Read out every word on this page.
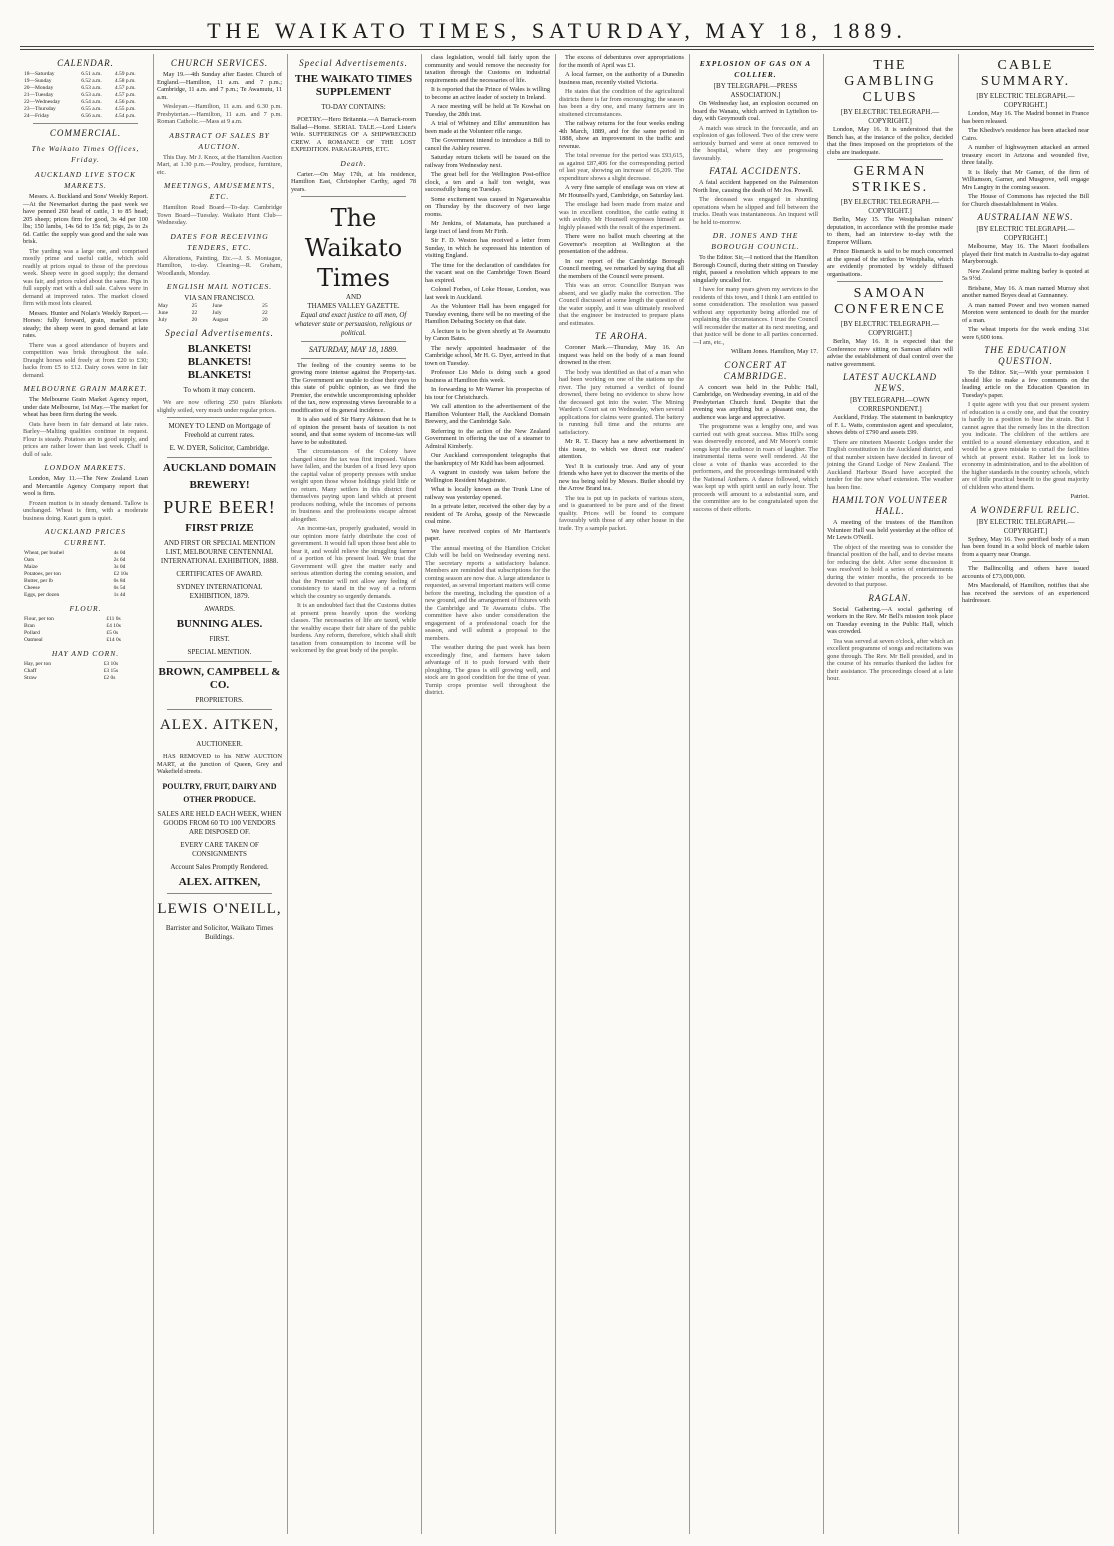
THE WAIKATO TIMES, SATURDAY, MAY 18, 1889.
CALENDAR.
18—Saturday	6.51 a.m.	4.59 p.m.
19—Sunday	6.52 a.m.	4.58 p.m.
20—Monday	6.53 a.m.	4.57 p.m.
21—Tuesday	6.53 a.m.	4.57 p.m.
22—Wednesday	6.54 a.m.	4.56 p.m.
23—Thursday	6.55 a.m.	4.55 p.m.
24—Friday	6.56 a.m.	4.54 p.m.
COMMERCIAL.
The Waikato Times Offices, Friday.
AUCKLAND LIVE STOCK MARKETS.

Messrs. A. Buckland and Sons' Weekly Report.—At the Newmarket during the past week we have penned 260 head of cattle, 1 to 85 head; 205 sheep; prices firm for good, 3s 4d per 100 lbs; 150 lambs, 14s 6d to 15s 6d; pigs, 2s to 2s 6d. Cattle: the supply was good and the sale was brisk.

The yarding was a large one, and comprised mostly prime and useful cattle, which sold readily at prices equal to those of the previous week. Sheep were in good supply; the demand was fair, and prices ruled about the same. Pigs in full supply met with a dull sale. Calves were in demand at improved rates. The market closed firm with most lots cleared.

Messrs. Hunter and Nolan's Weekly Report.—Horses: fully forward, grain, market prices steady; the sheep were in good demand at late rates.

There was a good attendance of buyers and competition was brisk throughout the sale. Draught horses sold freely at from £20 to £30; hacks from £5 to £12. Dairy cows were in fair demand.

MELBOURNE GRAIN MARKET.

The Melbourne Grain Market Agency report, under date Melbourne, 1st May.—The market for wheat has been firm during the week.

Oats have been in fair demand at late rates. Barley—Malting qualities continue in request. Flour is steady. Potatoes are in good supply, and prices are rather lower than last week. Chaff is dull of sale.

LONDON MARKETS.

London, May 11.—The New Zealand Loan and Mercantile Agency Company report that wool is firm.

Frozen mutton is in steady demand. Tallow is unchanged. Wheat is firm, with a moderate business doing. Kauri gum is quiet.

AUCKLAND PRICES CURRENT.
Wheat, per bushel	4s 0d
Oats	2s 6d
Maize	3s 0d
Potatoes, per ton	£2 10s
Butter, per lb	0s 8d
Cheese	0s 5d
Eggs, per dozen	1s 4d
FLOUR.
Flour, per ton	£11 0s
Bran	£4 10s
Pollard	£5 0s
Oatmeal	£14 0s
HAY AND CORN.
Hay, per ton	£3 10s
Chaff	£3 15s
Straw	£2 0s
CHURCH SERVICES.

May 19.—4th Sunday after Easter. Church of England.—Hamilton, 11 a.m. and 7 p.m.; Cambridge, 11 a.m. and 7 p.m.; Te Awamutu, 11 a.m.

Wesleyan.—Hamilton, 11 a.m. and 6.30 p.m. Presbyterian.—Hamilton, 11 a.m. and 7 p.m. Roman Catholic.—Mass at 9 a.m.

ABSTRACT OF SALES BY AUCTION.

This Day. Mr J. Knox, at the Hamilton Auction Mart, at 1.30 p.m.—Poultry, produce, furniture, etc.

MEETINGS, AMUSEMENTS, ETC.

Hamilton Road Board—To-day. Cambridge Town Board—Tuesday. Waikato Hunt Club—Wednesday.

DATES FOR RECEIVING TENDERS, ETC.

Alterations, Painting, Etc.—J. S. Montague, Hamilton, to-day. Cleaning—R. Graham, Woodlands, Monday.

ENGLISH MAIL NOTICES.
VIA SAN FRANCISCO.
May	25	June	25
June	22	July	22
July	20	August	20
Special Advertisements.
BLANKETS! BLANKETS! BLANKETS!
To whom it may concern.

We are now offering 250 pairs Blankets slightly soiled, very much under regular prices.

MONEY TO LEND on Mortgage of Freehold at current rates.
E. W. DYER, Solicitor, Cambridge.
AUCKLAND DOMAIN
BREWERY!
PURE BEER!
FIRST PRIZE
AND FIRST OR SPECIAL MENTION LIST, MELBOURNE CENTENNIAL INTERNATIONAL EXHIBITION, 1888.
CERTIFICATES OF AWARD.
SYDNEY INTERNATIONAL EXHIBITION, 1879.
AWARDS.
BUNNING ALES.
FIRST.
SPECIAL MENTION.
BROWN, CAMPBELL & CO.
PROPRIETORS.
ALEX. AITKEN,
AUCTIONEER.

HAS REMOVED to his NEW AUCTION MART, at the junction of Queen, Grey and Wakefield streets.

POULTRY, FRUIT, DAIRY AND OTHER PRODUCE.
SALES ARE HELD EACH WEEK, WHEN GOODS FROM 60 TO 100 VENDORS ARE DISPOSED OF.
EVERY CARE TAKEN OF CONSIGNMENTS
Account Sales Promptly Rendered.
ALEX. AITKEN,
LEWIS O'NEILL,
Barrister and Solicitor, Waikato Times Buildings.
Special Advertisements.
THE WAIKATO TIMES SUPPLEMENT
TO-DAY CONTAINS:

POETRY.—Hero Britannia.—A Barrack-room Ballad—Home. SERIAL TALE.—Lord Lister's Wife. SUFFERINGS OF A SHIPWRECKED CREW. A ROMANCE OF THE LOST EXPEDITION. PARAGRAPHS, ETC.

Death.

Carter.—On May 17th, at his residence, Hamilton East, Christopher Carthy, aged 78 years.

The Waikato Times
AND
THAMES VALLEY GAZETTE.
Equal and exact justice to all men, Of whatever state or persuasion, religious or political.
SATURDAY, MAY 18, 1889.

The feeling of the country seems to be growing more intense against the Property-tax. The Government are unable to close their eyes to this state of public opinion, as we find the Premier, the erstwhile uncompromising upholder of the tax, now expressing views favourable to a modification of its general incidence.

It is also said of Sir Harry Atkinson that he is of opinion the present basis of taxation is not sound, and that some system of income-tax will have to be substituted.

The circumstances of the Colony have changed since the tax was first imposed. Values have fallen, and the burden of a fixed levy upon the capital value of property presses with undue weight upon those whose holdings yield little or no return. Many settlers in this district find themselves paying upon land which at present produces nothing, while the incomes of persons in business and the professions escape almost altogether.

An income-tax, properly graduated, would in our opinion more fairly distribute the cost of government. It would fall upon those best able to bear it, and would relieve the struggling farmer of a portion of his present load. We trust the Government will give the matter early and serious attention during the coming session, and that the Premier will not allow any feeling of consistency to stand in the way of a reform which the country so urgently demands.

It is an undoubted fact that the Customs duties at present press heavily upon the working classes. The necessaries of life are taxed, while the wealthy escape their fair share of the public burdens. Any reform, therefore, which shall shift taxation from consumption to income will be welcomed by the great body of the people.

class legislation, would fall fairly upon the community and would remove the necessity for taxation through the Customs on industrial requirements and the necessaries of life.

It is reported that the Prince of Wales is willing to become an active leader of society in Ireland.

A race meeting will be held at Te Kowhai on Tuesday, the 28th inst.

A trial of Whitney and Ellis' ammunition has been made at the Volunteer rifle range.

The Government intend to introduce a Bill to cancel the Ashley reserve.

Saturday return tickets will be issued on the railway from Wednesday next.

The great bell for the Wellington Post-office clock, a ten and a half ton weight, was successfully hung on Tuesday.

Some excitement was caused in Ngaruawahia on Thursday by the discovery of two large rooms.

Mr Jenkins, of Matamata, has purchased a large tract of land from Mr Firth.

Sir F. D. Weston has received a letter from Sunday, in which he expressed his intention of visiting England.

The time for the declaration of candidates for the vacant seat on the Cambridge Town Board has expired.

Colonel Forbes, of Loke House, London, was last week in Auckland.

As the Volunteer Hall has been engaged for Tuesday evening, there will be no meeting of the Hamilton Debating Society on that date.

A lecture is to be given shortly at Te Awamutu by Canon Bates.

The newly appointed headmaster of the Cambridge school, Mr H. G. Dyer, arrived in that town on Tuesday.

Professor Lio Melo is doing such a good business at Hamilton this week.

In forwarding to Mr Warner his prospectus of his tour for Christchurch.

We call attention to the advertisement of the Hamilton Volunteer Hall, the Auckland Domain Brewery, and the Cambridge Sale.

Referring to the action of the New Zealand Government in offering the use of a steamer to Admiral Kimberly.

Our Auckland correspondent telegraphs that the bankruptcy of Mr Kidd has been adjourned.

A vagrant in custody was taken before the Wellington Resident Magistrate.

What is locally known as the Trunk Line of railway was yesterday opened.

In a private letter, received the other day by a resident of Te Aroha, gossip of the Newcastle coal mine.

We have received copies of Mr Harrison's paper.

The annual meeting of the Hamilton Cricket Club will be held on Wednesday evening next. The secretary reports a satisfactory balance. Members are reminded that subscriptions for the coming season are now due. A large attendance is requested, as several important matters will come before the meeting, including the question of a new ground, and the arrangement of fixtures with the Cambridge and Te Awamutu clubs. The committee have also under consideration the engagement of a professional coach for the season, and will submit a proposal to the members.

The weather during the past week has been exceedingly fine, and farmers have taken advantage of it to push forward with their ploughing. The grass is still growing well, and stock are in good condition for the time of year. Turnip crops promise well throughout the district.

The excess of debentures over appropriations for the month of April was £1.

A local farmer, on the authority of a Dunedin business man, recently visited Victoria.

He states that the condition of the agricultural districts there is far from encouraging; the season has been a dry one, and many farmers are in straitened circumstances.

The railway returns for the four weeks ending 4th March, 1889, and for the same period in 1888, show an improvement in the traffic and revenue.

The total revenue for the period was £93,615, as against £87,406 for the corresponding period of last year, showing an increase of £6,209. The expenditure shows a slight decrease.

A very fine sample of ensilage was on view at Mr Hounsell's yard, Cambridge, on Saturday last.

The ensilage had been made from maize and was in excellent condition, the cattle eating it with avidity. Mr Hounsell expresses himself as highly pleased with the result of the experiment.

There were no ballot much cheering at the Governor's reception at Wellington at the presentation of the address.

In our report of the Cambridge Borough Council meeting, we remarked by saying that all the members of the Council were present.

This was an error. Councillor Bunyan was absent, and we gladly make the correction. The Council discussed at some length the question of the water supply, and it was ultimately resolved that the engineer be instructed to prepare plans and estimates.

TE AROHA.

Coroner Mark.—Thursday, May 16. An inquest was held on the body of a man found drowned in the river.

The body was identified as that of a man who had been working on one of the stations up the river. The jury returned a verdict of found drowned, there being no evidence to show how the deceased got into the water. The Mining Warden's Court sat on Wednesday, when several applications for claims were granted. The battery is running full time and the returns are satisfactory.

Mr R. T. Dacey has a new advertisement in this issue, to which we direct our readers' attention.

Yes! It is curiously true. And any of your friends who have yet to discover the merits of the new tea being sold by Messrs. Butler should try the Arrow Brand tea.

The tea is put up in packets of various sizes, and is guaranteed to be pure and of the finest quality. Prices will be found to compare favourably with those of any other house in the trade. Try a sample packet.

EXPLOSION OF GAS ON A COLLIER.
[BY TELEGRAPH.—PRESS ASSOCIATION.]

On Wednesday last, an explosion occurred on board the Wanatu, which arrived in Lyttelton to-day, with Greymouth coal.

A match was struck in the forecastle, and an explosion of gas followed. Two of the crew were seriously burned and were at once removed to the hospital, where they are progressing favourably.

FATAL ACCIDENTS.

A fatal accident happened on the Palmerston North line, causing the death of Mr Jos. Powell.

The deceased was engaged in shunting operations when he slipped and fell between the trucks. Death was instantaneous. An inquest will be held to-morrow.

DR. JONES AND THE BOROUGH COUNCIL.

To the Editor. Sir,—I noticed that the Hamilton Borough Council, during their sitting on Tuesday night, passed a resolution which appears to me singularly uncalled for.

I have for many years given my services to the residents of this town, and I think I am entitled to some consideration. The resolution was passed without any opportunity being afforded me of explaining the circumstances. I trust the Council will reconsider the matter at its next meeting, and that justice will be done to all parties concerned.—I am, etc.,

William Jones. Hamilton, May 17.

CONCERT AT CAMBRIDGE.

A concert was held in the Public Hall, Cambridge, on Wednesday evening, in aid of the Presbyterian Church fund. Despite that the evening was anything but a pleasant one, the audience was large and appreciative.

The programme was a lengthy one, and was carried out with great success. Miss Hill's song was deservedly encored, and Mr Moore's comic songs kept the audience in roars of laughter. The instrumental items were well rendered. At the close a vote of thanks was accorded to the performers, and the proceedings terminated with the National Anthem. A dance followed, which was kept up with spirit until an early hour. The proceeds will amount to a substantial sum, and the committee are to be congratulated upon the success of their efforts.

THE GAMBLING CLUBS
[BY ELECTRIC TELEGRAPH.—COPYRIGHT.]

London, May 16. It is understood that the Bench has, at the instance of the police, decided that the fines imposed on the proprietors of the clubs are inadequate.

GERMAN STRIKES.
[BY ELECTRIC TELEGRAPH.—COPYRIGHT.]

Berlin, May 15. The Westphalian miners' deputation, in accordance with the promise made to them, had an interview to-day with the Emperor William.

Prince Bismarck is said to be much concerned at the spread of the strikes in Westphalia, which are evidently promoted by widely diffused organisations.

SAMOAN CONFERENCE
[BY ELECTRIC TELEGRAPH.—COPYRIGHT.]

Berlin, May 16. It is expected that the Conference now sitting on Samoan affairs will advise the establishment of dual control over the native government.

LATEST AUCKLAND NEWS.
[BY TELEGRAPH.—OWN CORRESPONDENT.]

Auckland, Friday. The statement in bankruptcy of F. L. Watts, commission agent and speculator, shows debts of £790 and assets £99.

There are nineteen Masonic Lodges under the English constitution in the Auckland district, and of that number sixteen have decided in favour of joining the Grand Lodge of New Zealand. The Auckland Harbour Board have accepted the tender for the new wharf extension. The weather has been fine.

HAMILTON VOLUNTEER HALL.

A meeting of the trustees of the Hamilton Volunteer Hall was held yesterday at the office of Mr Lewis O'Neill.

The object of the meeting was to consider the financial position of the hall, and to devise means for reducing the debt. After some discussion it was resolved to hold a series of entertainments during the winter months, the proceeds to be devoted to that purpose.

RAGLAN.

Social Gathering.—A social gathering of workers in the Rev. Mr Bell's mission took place on Tuesday evening in the Public Hall, which was crowded.

Tea was served at seven o'clock, after which an excellent programme of songs and recitations was gone through. The Rev. Mr Bell presided, and in the course of his remarks thanked the ladies for their assistance. The proceedings closed at a late hour.

CABLE SUMMARY.
[BY ELECTRIC TELEGRAPH.—COPYRIGHT.]

London, May 16. The Madrid bonnet in France has been released.

The Khedive's residence has been attacked near Cairo.

A number of highwaymen attacked an armed treasury escort in Arizona and wounded five, three fatally.

It is likely that Mr Gamer, of the firm of Williamson, Garner, and Musgrove, will engage Mrs Langtry in the coming season.

The House of Commons has rejected the Bill for Church disestablishment in Wales.

AUSTRALIAN NEWS.
[BY ELECTRIC TELEGRAPH.—COPYRIGHT.]

Melbourne, May 16. The Maori footballers played their first match in Australia to-day against Maryborough.

New Zealand prime malting barley is quoted at 5s 9½d.

Brisbane, May 16. A man named Murray shot another named Boyes dead at Gunnanney.

A man named Power and two women named Moreton were sentenced to death for the murder of a man.

The wheat imports for the week ending 31st were 6,600 tons.

THE EDUCATION QUESTION.

To the Editor. Sir,—With your permission I should like to make a few comments on the leading article on the Education Question in Tuesday's paper.

I quite agree with you that our present system of education is a costly one, and that the country is hardly in a position to bear the strain. But I cannot agree that the remedy lies in the direction you indicate. The children of the settlers are entitled to a sound elementary education, and it would be a grave mistake to curtail the facilities which at present exist. Rather let us look to economy in administration, and to the abolition of the higher standards in the country schools, which are of little practical benefit to the great majority of children who attend them.

Patriot.

A WONDERFUL RELIC.
[BY ELECTRIC TELEGRAPH.—COPYRIGHT.]

Sydney, May 16. Two petrified body of a man has been found in a solid block of marble taken from a quarry near Orange.

The Ballincollig and others have issued accounts of £73,000,000.

Mrs Macdonald, of Hamilton, notifies that she has received the services of an experienced hairdresser.
